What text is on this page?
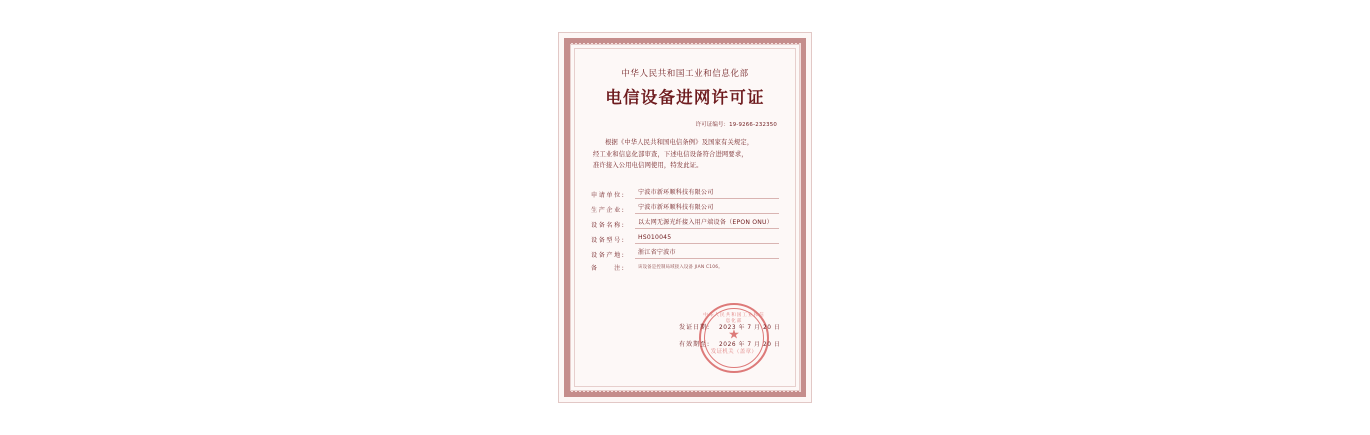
中华人民共和国工业和信息化部
电信设备进网许可证
许可证编号：19-9266-232350
根据《中华人民共和国电信条例》及国家有关规定，
经工业和信息化部审查，下述电信设备符合进网要求，
准许接入公用电信网使用，特发此证。
申请单位:	宁波市新环顺科技有限公司
生产企业:	宁波市新环顺科技有限公司
设备名称:	以太网无源光纤接入用户端设备（EPON ONU）
设备型号:	HS010045
设备产地:	浙江省宁波市
备　　注:	该设备是控制局域接入设备 JIAN C106。
中华人民共和国工业和信息化部
★
发证机关（盖章）
发证日期:	2023 年 7 月 20 日
有效期至:	2026 年 7 月 20 日
